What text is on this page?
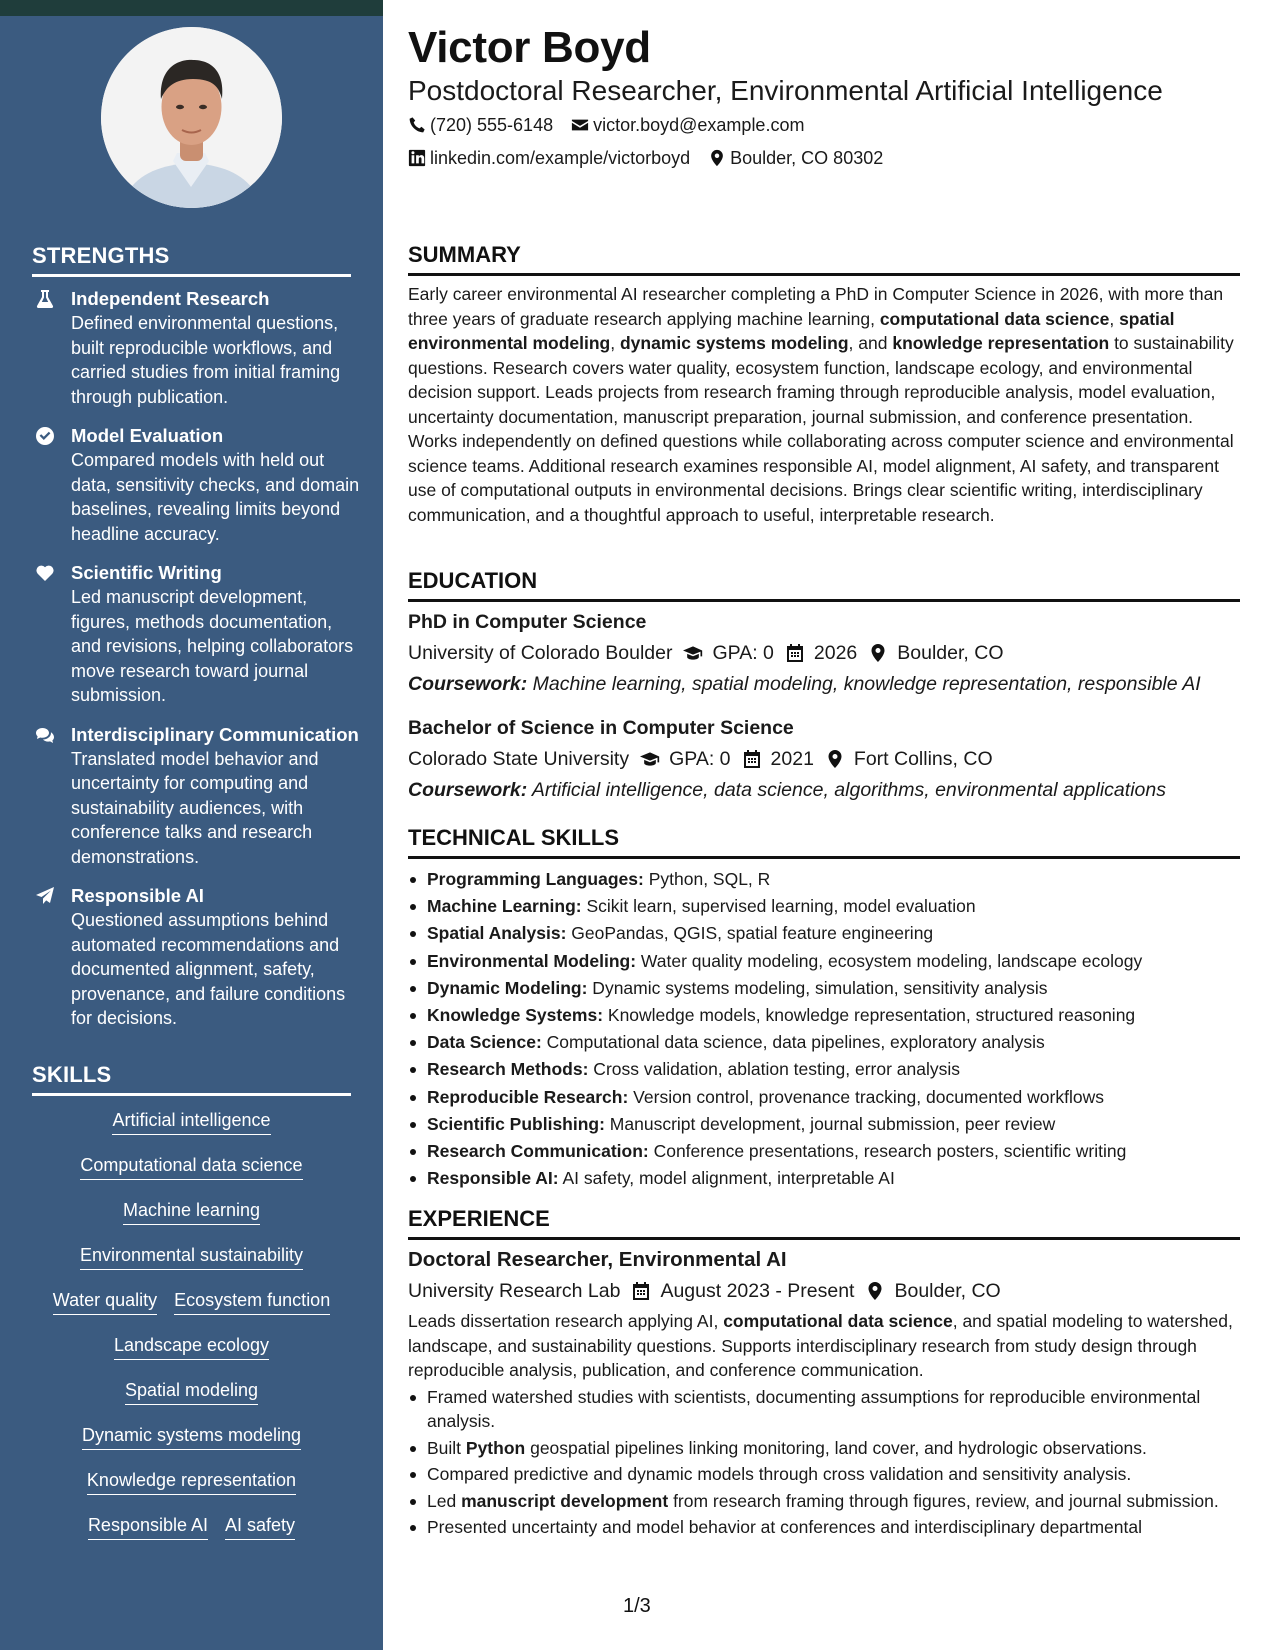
STRENGTHS
Independent Research
Defined environmental questions, built reproducible workflows, and carried studies from initial framing through publication.
Model Evaluation
Compared models with held out data, sensitivity checks, and domain baselines, revealing limits beyond headline accuracy.
Scientific Writing
Led manuscript development, figures, methods documentation, and revisions, helping collaborators move research toward journal submission.
Interdisciplinary Communication
Translated model behavior and uncertainty for computing and sustainability audiences, with conference talks and research demonstrations.
Responsible AI
Questioned assumptions behind automated recommendations and documented alignment, safety, provenance, and failure conditions for decisions.
SKILLS
Artificial intelligence
Computational data science
Machine learning
Environmental sustainability
Water quality Ecosystem function
Landscape ecology
Spatial modeling
Dynamic systems modeling
Knowledge representation
Responsible AI AI safety
Victor Boyd
Postdoctoral Researcher, Environmental Artificial Intelligence
(720) 555-6148 victor.boyd@example.com
linkedin.com/example/victorboyd Boulder, CO 80302
SUMMARY

Early career environmental AI researcher completing a PhD in Computer Science in 2026, with more than three years of graduate research applying machine learning, computational data science, spatial environmental modeling, dynamic systems modeling, and knowledge representation to sustainability questions. Research covers water quality, ecosystem function, landscape ecology, and environmental decision support. Leads projects from research framing through reproducible analysis, model evaluation, uncertainty documentation, manuscript preparation, journal submission, and conference presentation. Works independently on defined questions while collaborating across computer science and environmental science teams. Additional research examines responsible AI, model alignment, AI safety, and transparent use of computational outputs in environmental decisions. Brings clear scientific writing, interdisciplinary communication, and a thoughtful approach to useful, interpretable research.

EDUCATION
PhD in Computer Science
University of Colorado Boulder GPA: 0 2026 Boulder, CO
Coursework: Machine learning, spatial modeling, knowledge representation, responsible AI
Bachelor of Science in Computer Science
Colorado State University GPA: 0 2021 Fort Collins, CO
Coursework: Artificial intelligence, data science, algorithms, environmental applications
TECHNICAL SKILLS
Programming Languages: Python, SQL, R
Machine Learning: Scikit learn, supervised learning, model evaluation
Spatial Analysis: GeoPandas, QGIS, spatial feature engineering
Environmental Modeling: Water quality modeling, ecosystem modeling, landscape ecology
Dynamic Modeling: Dynamic systems modeling, simulation, sensitivity analysis
Knowledge Systems: Knowledge models, knowledge representation, structured reasoning
Data Science: Computational data science, data pipelines, exploratory analysis
Research Methods: Cross validation, ablation testing, error analysis
Reproducible Research: Version control, provenance tracking, documented workflows
Scientific Publishing: Manuscript development, journal submission, peer review
Research Communication: Conference presentations, research posters, scientific writing
Responsible AI: AI safety, model alignment, interpretable AI
EXPERIENCE
Doctoral Researcher, Environmental AI
University Research Lab August 2023 - Present Boulder, CO

Leads dissertation research applying AI, computational data science, and spatial modeling to watershed, landscape, and sustainability questions. Supports interdisciplinary research from study design through reproducible analysis, publication, and conference communication.

Framed watershed studies with scientists, documenting assumptions for reproducible environmental analysis.
Built Python geospatial pipelines linking monitoring, land cover, and hydrologic observations.
Compared predictive and dynamic models through cross validation and sensitivity analysis.
Led manuscript development from research framing through figures, review, and journal submission.
Presented uncertainty and model behavior at conferences and interdisciplinary departmental
1/3
